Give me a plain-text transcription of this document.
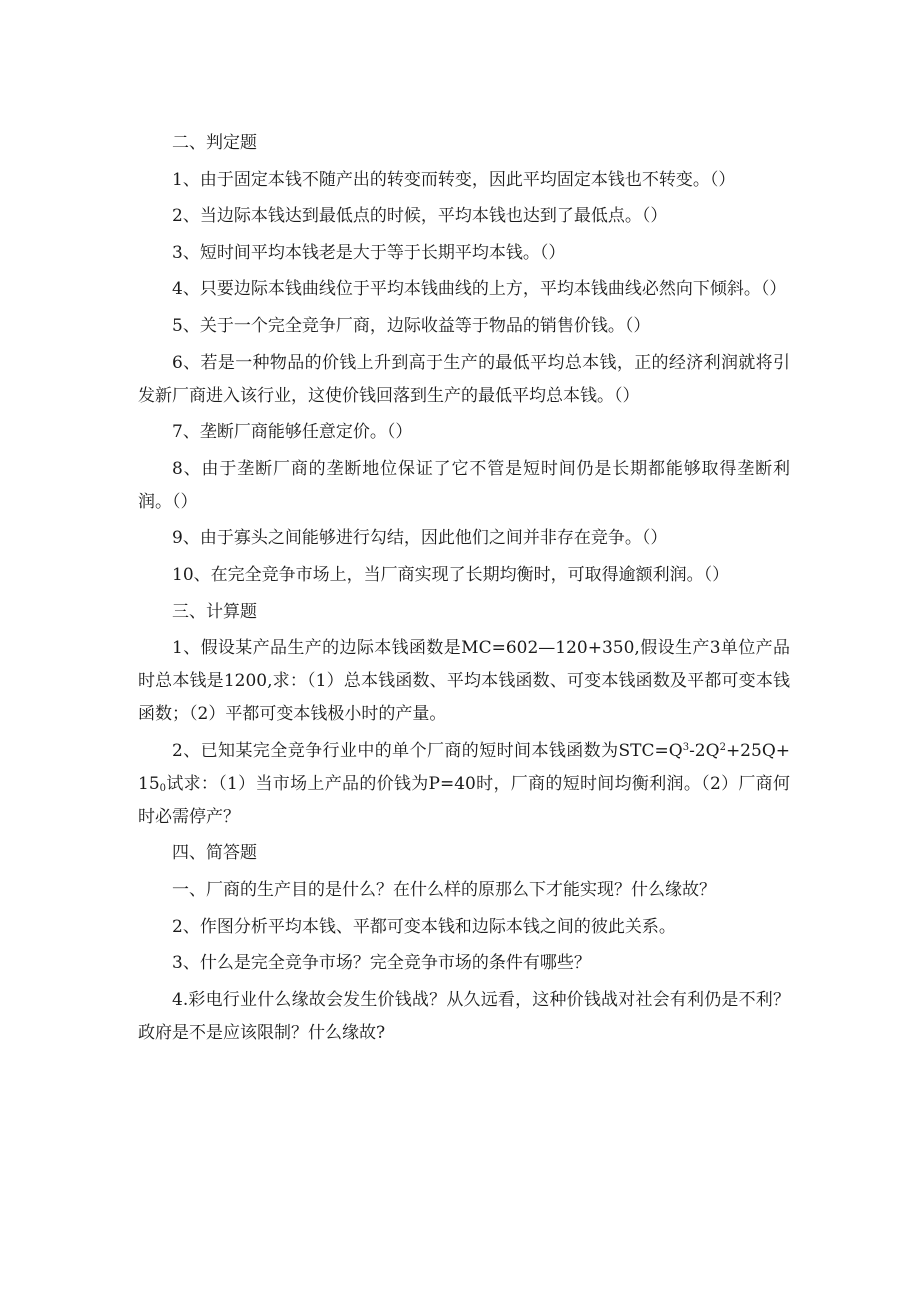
二、判定题

1、由于固定本钱不随产出的转变而转变，因此平均固定本钱也不转变。（）

2、当边际本钱达到最低点的时候，平均本钱也达到了最低点。（）

3、短时间平均本钱老是大于等于长期平均本钱。（）

4、只要边际本钱曲线位于平均本钱曲线的上方，平均本钱曲线必然向下倾斜。（）

5、关于一个完全竞争厂商，边际收益等于物品的销售价钱。（）

6、若是一种物品的价钱上升到高于生产的最低平均总本钱，正的经济利润就将引发新厂商进入该行业，这使价钱回落到生产的最低平均总本钱。（）

7、垄断厂商能够任意定价。（）

8、由于垄断厂商的垄断地位保证了它不管是短时间仍是长期都能够取得垄断利润。（）

9、由于寡头之间能够进行勾结，因此他们之间并非存在竞争。（）

10、在完全竞争市场上，当厂商实现了长期均衡时，可取得逾额利润。（）

三、计算题

1、假设某产品生产的边际本钱函数是MC=602—120+350,假设生产3单位产品时总本钱是1200,求：（1）总本钱函数、平均本钱函数、可变本钱函数及平都可变本钱函数；（2）平都可变本钱极小时的产量。

2、已知某完全竞争行业中的单个厂商的短时间本钱函数为$STC=Q^3-2Q^2+25Q+15_0$试求：（1）当市场上产品的价钱为P=40时，厂商的短时间均衡利润。（2）厂商何时必需停产？

四、简答题

一、厂商的生产目的是什么？在什么样的原那么下才能实现？什么缘故？

2、作图分析平均本钱、平都可变本钱和边际本钱之间的彼此关系。

3、什么是完全竞争市场？完全竞争市场的条件有哪些？

4.彩电行业什么缘故会发生价钱战？从久远看，这种价钱战对社会有利仍是不利？政府是不是应该限制？什么缘故?
